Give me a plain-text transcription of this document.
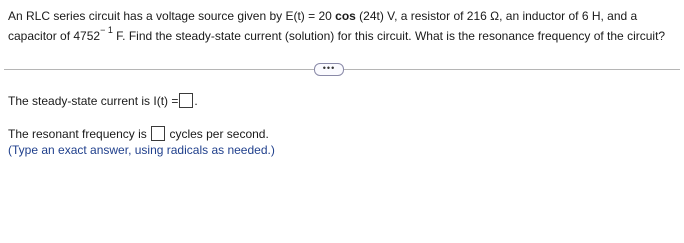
An RLC series circuit has a voltage source given by E(t) = 20 cos (24t) V, a resistor of 216 Ω, an inductor of 6 H, and a capacitor of $4752^{- 1}$ F. Find the steady-state current (solution) for this circuit. What is the resonance frequency of the circuit?
•••
The steady-state current is I(t) = .
The resonant frequency is cycles per second.
(Type an exact answer, using radicals as needed.)
